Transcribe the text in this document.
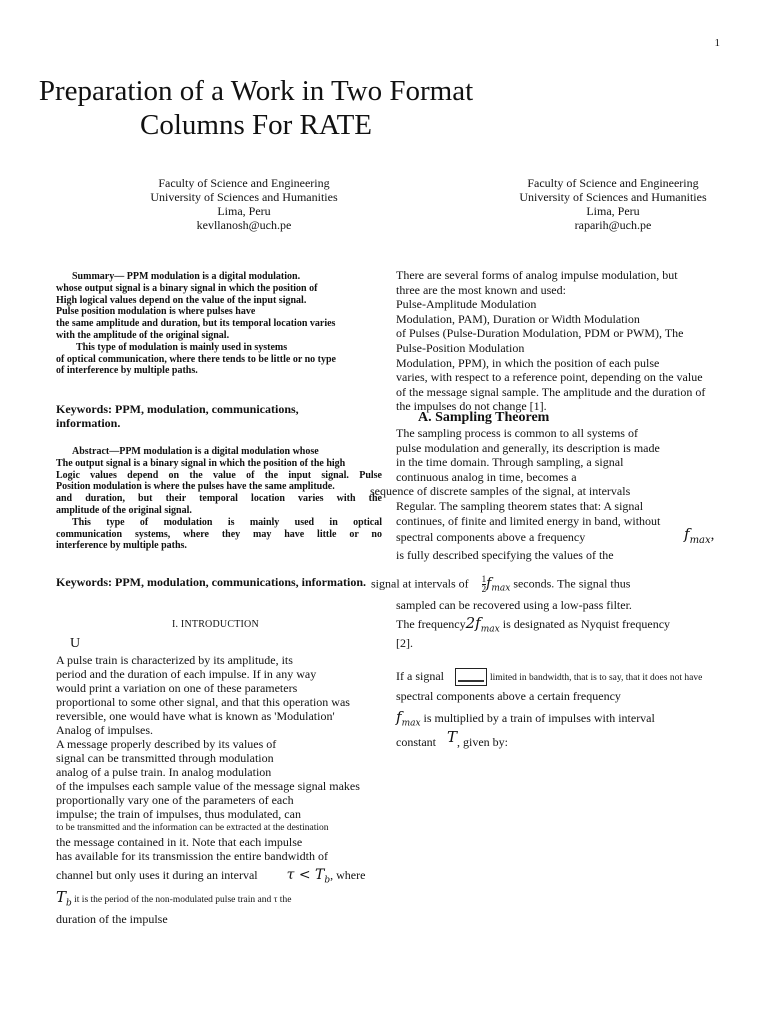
1
Preparation of a Work in Two Format
Columns For RATE
Faculty of Science and Engineering
University of Sciences and Humanities
Lima, Peru
kevllanosh@uch.pe
Faculty of Science and Engineering
University of Sciences and Humanities
Lima, Peru
raparih@uch.pe
Summary— PPM modulation is a digital modulation.
whose output signal is a binary signal in which the position of
High logical values depend on the value of the input signal.
Pulse position modulation is where pulses have
the same amplitude and duration, but its temporal location varies
with the amplitude of the original signal.
This type of modulation is mainly used in systems
of optical communication, where there tends to be little or no type
of interference by multiple paths.
Keywords: PPM, modulation, communications,
information.
Abstract—PPM modulation is a digital modulation whose
The output signal is a binary signal in which the position of the high
Logic values depend on the value of the input signal. Pulse
Position modulation is where the pulses have the same amplitude.
and duration, but their temporal location varies with the
amplitude of the original signal.
This type of modulation is mainly used in optical
communication systems, where they may have little or no
interference by multiple paths.
Keywords: PPM, modulation, communications, information.
I. INTRODUCTION
U
A pulse train is characterized by its amplitude, its
period and the duration of each impulse. If in any way
would print a variation on one of these parameters
proportional to some other signal, and that this operation was
reversible, one would have what is known as 'Modulation'
Analog of impulses.
A message properly described by its values of
signal can be transmitted through modulation
analog of a pulse train. In analog modulation
of the impulses each sample value of the message signal makes
proportionally vary one of the parameters of each
impulse; the train of impulses, thus modulated, can
to be transmitted and the information can be extracted at the destination
the message contained in it. Note that each impulse
has available for its transmission the entire bandwidth of
channel but only uses it during an interval $\tau < T_b$, where
$T_b$ it is the period of the non-modulated pulse train and τ the
duration of the impulse
There are several forms of analog impulse modulation, but
three are the most known and used:
Pulse-Amplitude Modulation
Modulation, PAM), Duration or Width Modulation
of Pulses (Pulse-Duration Modulation, PDM or PWM), The
Pulse-Position Modulation
Modulation, PPM), in which the position of each pulse
varies, with respect to a reference point, depending on the value
of the message signal sample. The amplitude and the duration of
the impulses do not change [1].
A. Sampling Theorem
The sampling process is common to all systems of
pulse modulation and generally, its description is made
in the time domain. Through sampling, a signal
continuous analog in time, becomes a
sequence of discrete samples of the signal, at intervals
Regular. The sampling theorem states that: A signal
continues, of finite and limited energy in band, without
spectral components above a frequency	$f_{max}$,
is fully described specifying the values of the
signal at intervals of $\frac{1}{2} f_{max}$ seconds. The signal thus
sampled can be recovered using a low-pass filter.
The $frequency2f_{max}$ is designated as Nyquist frequency
[2].
If a signal	limited in bandwidth, that is to say, that it does not have
spectral components above a certain frequency
$f_{max}$ is multiplied by a train of impulses with interval
constant T, given by:
